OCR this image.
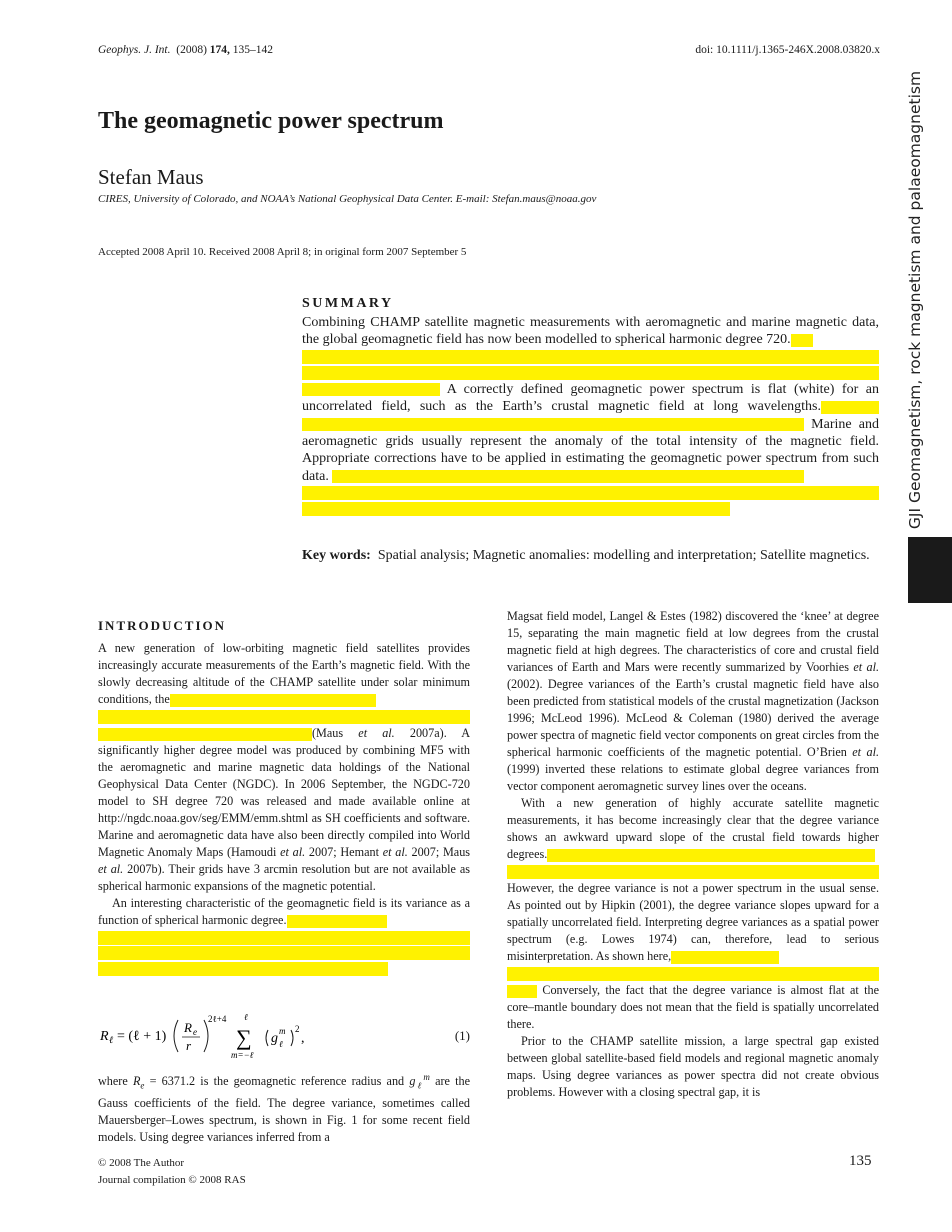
Geophys. J. Int. (2008) 174, 135–142	doi: 10.1111/j.1365-246X.2008.03820.x
The geomagnetic power spectrum
Stefan Maus
CIRES, University of Colorado, and NOAA’s National Geophysical Data Center. E-mail: Stefan.maus@noaa.gov
Accepted 2008 April 10. Received 2008 April 8; in original form 2007 September 5
SUMMARY
Combining CHAMP satellite magnetic measurements with aeromagnetic and marine magnetic data, the global geomagnetic field has now been modelled to spherical harmonic degree 720.
A correctly defined geomagnetic power spectrum is flat (white) for an uncorrelated field, such as the Earth’s crustal magnetic field at long wavelengths.  Marine and aeromagnetic grids usually represent the anomaly of the total intensity of the magnetic field. Appropriate corrections have to be applied in estimating the geomagnetic power spectrum from such data.
Key words: Spatial analysis; Magnetic anomalies: modelling and interpretation; Satellite magnetics.
INTRODUCTION

A new generation of low-orbiting magnetic field satellites provides increasingly accurate measurements of the Earth’s magnetic field. With the slowly decreasing altitude of the CHAMP satellite under solar minimum conditions, the
(Maus et al. 2007a). A significantly higher degree model was produced by combining MF5 with the aeromagnetic and marine magnetic data holdings of the National Geophysical Data Center (NGDC). In 2006 September, the NGDC-720 model to SH degree 720 was released and made available online at http://ngdc.noaa.gov/seg/EMM/emm.shtml as SH coefficients and software. Marine and aeromagnetic data have also been directly compiled into World Magnetic Anomaly Maps (Hamoudi et al. 2007; Hemant et al. 2007; Maus et al. 2007b). Their grids have 3 arcmin resolution but are not available as spherical harmonic expansions of the magnetic potential.

An interesting characteristic of the geomagnetic field is its variance as a function of spherical harmonic degree.

R ℓ = (ℓ + 1)
R e
r
2ℓ+4 ℓ
∑
m=−ℓ
g m
ℓ
2
,	(1)

where $R_e = 6371.2$ is the geomagnetic reference radius and $g_\ell^m$ are the Gauss coefficients of the field. The degree variance, sometimes called Mauersberger–Lowes spectrum, is shown in Fig. 1 for some recent field models. Using degree variances inferred from a

Magsat field model, Langel & Estes (1982) discovered the ‘knee’ at degree 15, separating the main magnetic field at low degrees from the crustal magnetic field at high degrees. The characteristics of core and crustal field variances of Earth and Mars were recently summarized by Voorhies et al. (2002). Degree variances of the Earth’s crustal magnetic field have also been predicted from statistical models of the crustal magnetization (Jackson 1996; McLeod 1996). McLeod & Coleman (1980) derived the average power spectra of magnetic field vector components on great circles from the spherical harmonic coefficients of the magnetic potential. O’Brien et al. (1999) inverted these relations to estimate global degree variances from vector component aeromagnetic survey lines over the oceans.

With a new generation of highly accurate satellite magnetic measurements, it has become increasingly clear that the degree variance shows an awkward upward slope of the crustal field towards higher degrees.
However, the degree variance is not a power spectrum in the usual sense. As pointed out by Hipkin (2001), the degree variance slopes upward for a spatially uncorrelated field. Interpreting degree variances as a spatial power spectrum (e.g. Lowes 1974) can, therefore, lead to serious misinterpretation. As shown here,
Conversely, the fact that the degree variance is almost flat at the core–mantle boundary does not mean that the field is spatially uncorrelated there.

Prior to the CHAMP satellite mission, a large spectral gap existed between global satellite-based field models and regional magnetic anomaly maps. Using degree variances as power spectra did not create obvious problems. However with a closing spectral gap, it is

© 2008 The Author
Journal compilation © 2008 RAS
135
GJI Geomagnetism, rock magnetism and palaeomagnetism
